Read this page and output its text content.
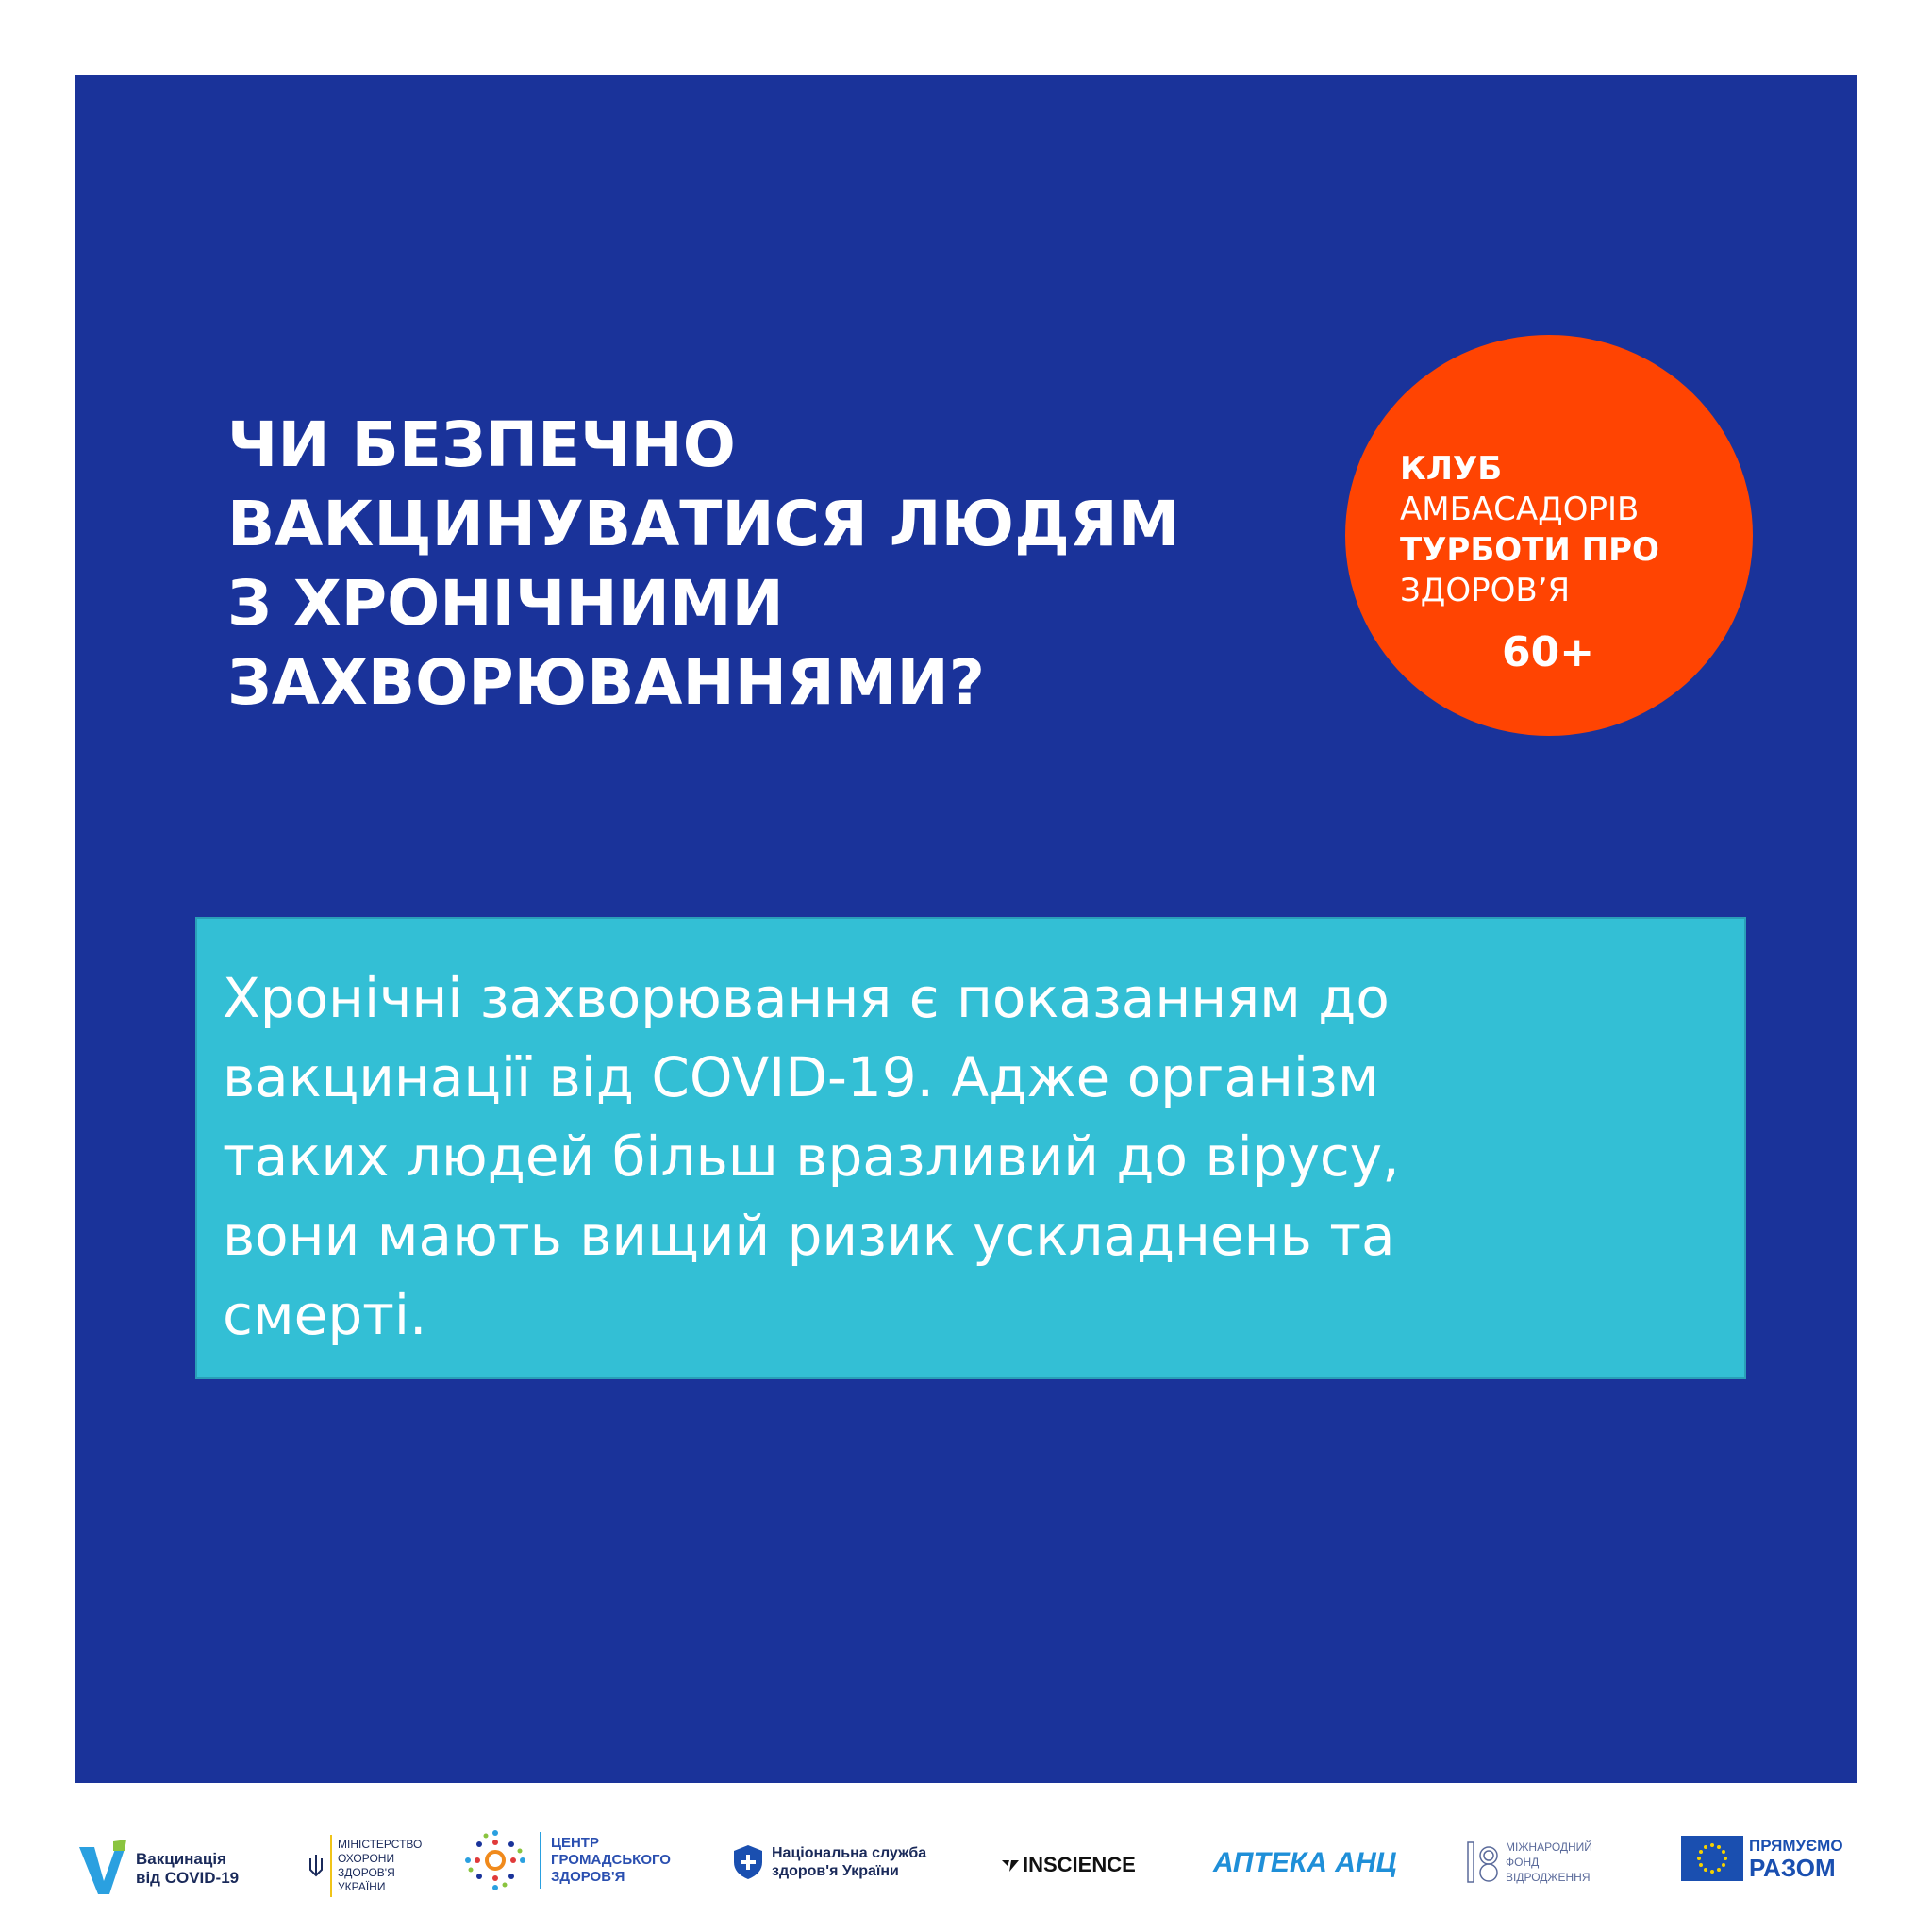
ЧИ БЕЗПЕЧНО
ВАКЦИНУВАТИСЯ ЛЮДЯМ
З ХРОНІЧНИМИ
ЗАХВОРЮВАННЯМИ?
КЛУБ
АМБАСАДОРІВ
ТУРБОТИ ПРО
ЗДОРОВ’Я
60+

Хронічні захворювання є показанням до
вакцинації від COVID-19. Адже організм
таких людей більш вразливий до вірусу,
вони мають вищий ризик ускладнень та
смерті.

Вакцинація
від COVID-19
МІНІСТЕРСТВО
ОХОРОНИ
ЗДОРОВ'Я
УКРАЇНИ
ЦЕНТР
ГРОМАДСЬКОГО
ЗДОРОВ'Я
Національна служба
здоров'я України	INSCIENCE	АПТЕКА АНЦ	МІЖНАРОДНИЙ
ФОНД
ВІДРОДЖЕННЯ
ПРЯМУЄМО
РАЗОМ
